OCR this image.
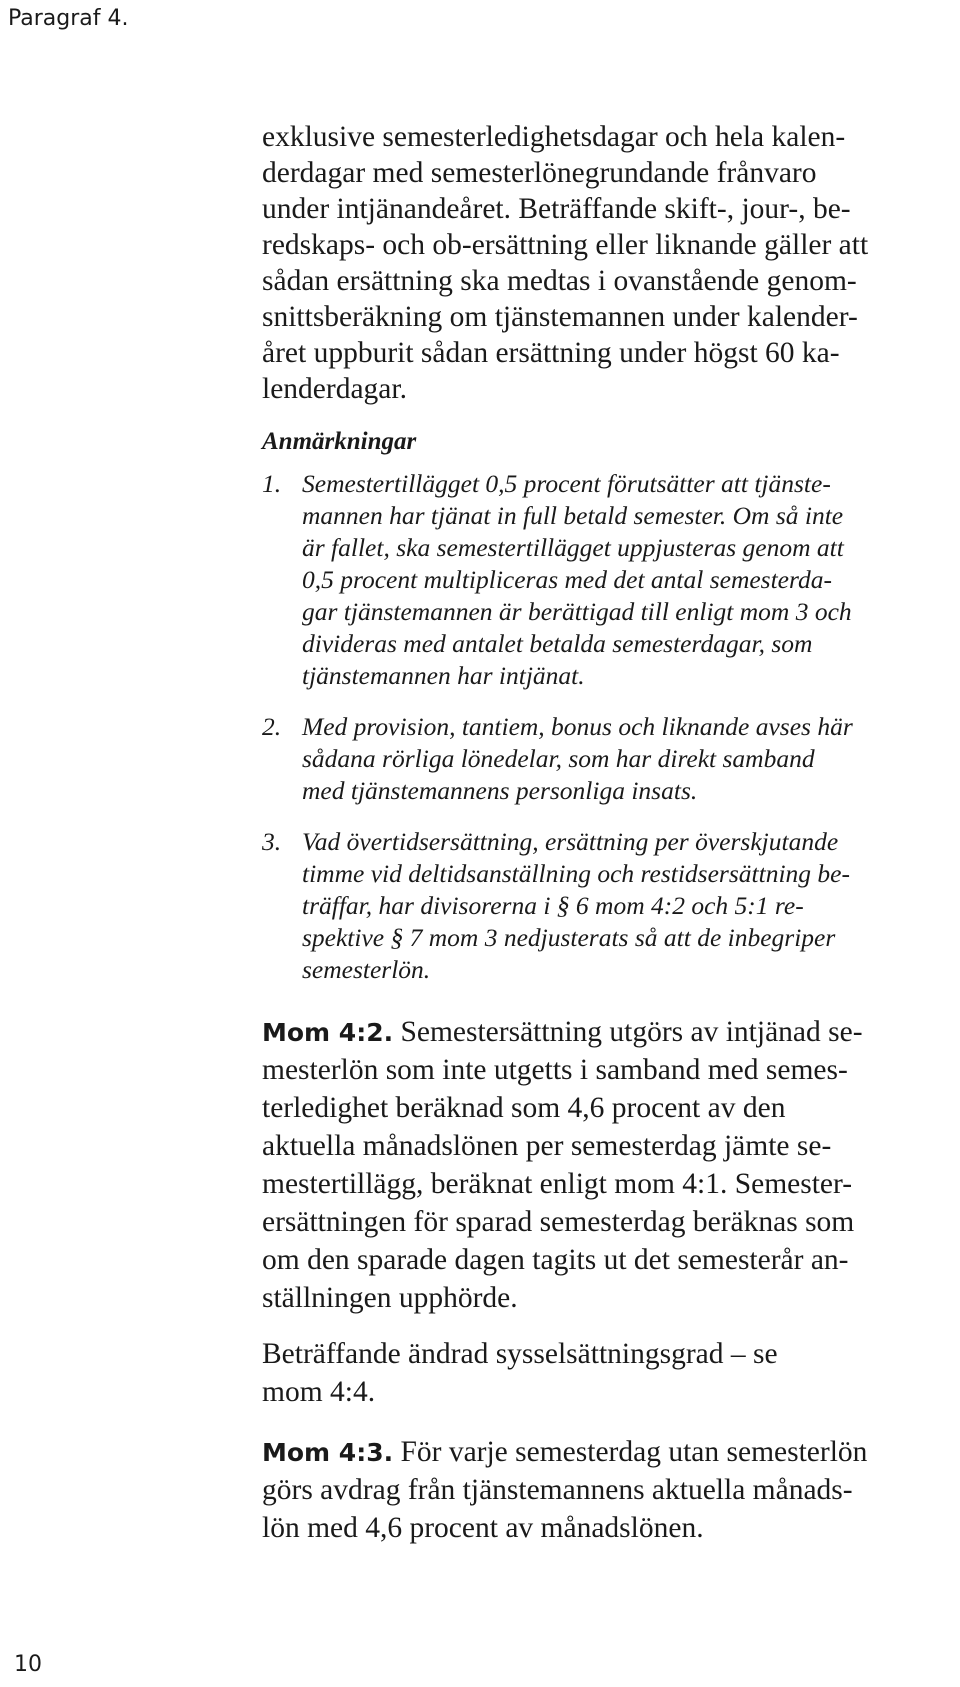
Paragraf 4.
exklusive semesterledighetsdagar och hela kalen-
derdagar med semesterlönegrundande frånvaro
under intjänandeåret. Beträffande skift-, jour-, be-
redskaps- och ob-ersättning eller liknande gäller att
sådan ersättning ska medtas i ovanstående genom-
snittsberäkning om tjänstemannen under kalender-
året uppburit sådan ersättning under högst 60 ka-
lenderdagar.
Anmärkningar
1. Semestertillägget 0,5 procent förutsätter att tjänste-
mannen har tjänat in full betald semester. Om så inte
är fallet, ska semestertillägget uppjusteras genom att
0,5 procent multipliceras med det antal semesterda-
gar tjänstemannen är berättigad till enligt mom 3 och
divideras med antalet betalda semesterdagar, som
tjänstemannen har intjänat.
2. Med provision, tantiem, bonus och liknande avses här
sådana rörliga lönedelar, som har direkt samband
med tjänstemannens personliga insats.
3. Vad övertidsersättning, ersättning per överskjutande
timme vid deltidsanställning och restidsersättning be-
träffar, har divisorerna i § 6 mom 4:2 och 5:1 re-
spektive § 7 mom 3 nedjusterats så att de inbegriper
semesterlön.
Mom 4:2. Semestersättning utgörs av intjänad se-
mesterlön som inte utgetts i samband med semes-
terledighet beräknad som 4,6 procent av den
aktuella månadslönen per semesterdag jämte se-
mestertillägg, beräknat enligt mom 4:1. Semester-
ersättningen för sparad semesterdag beräknas som
om den sparade dagen tagits ut det semesterår an-
ställningen upphörde.
Beträffande ändrad sysselsättningsgrad – se
mom 4:4.
Mom 4:3. För varje semesterdag utan semesterlön
görs avdrag från tjänstemannens aktuella månads-
lön med 4,6 procent av månadslönen.
10
